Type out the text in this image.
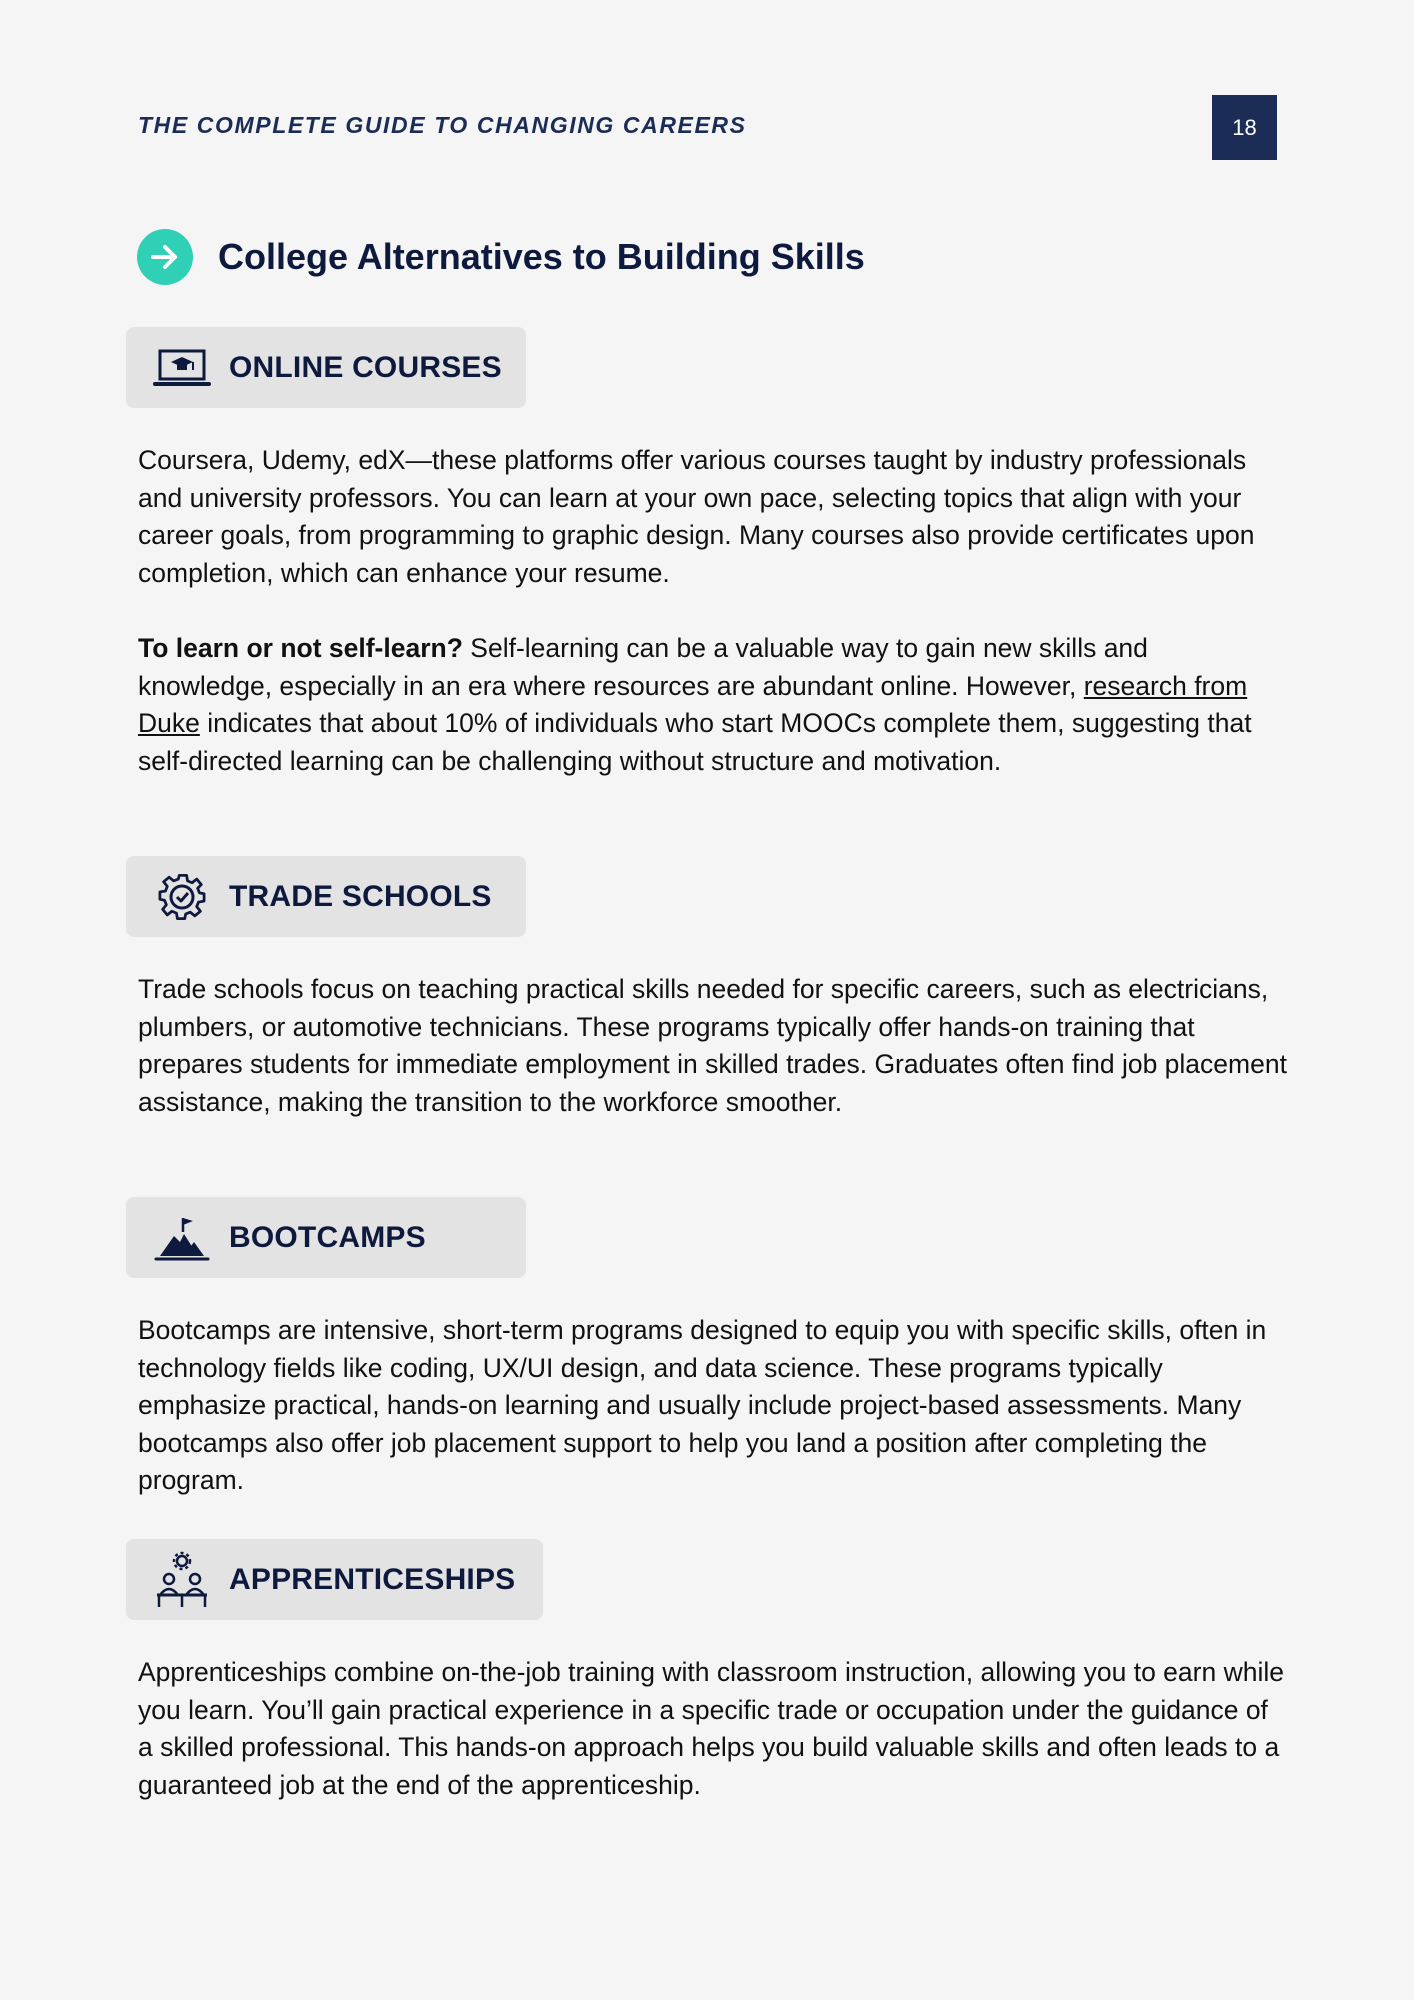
THE COMPLETE GUIDE TO CHANGING CAREERS	18
College Alternatives to Building Skills
ONLINE COURSES

Coursera, Udemy, edX—these platforms offer various courses taught by industry professionals and university professors. You can learn at your own pace, selecting topics that align with your career goals, from programming to graphic design. Many courses also provide certificates upon completion, which can enhance your resume.

To learn or not self-learn? Self-learning can be a valuable way to gain new skills and knowledge, especially in an era where resources are abundant online. However, research from Duke indicates that about 10% of individuals who start MOOCs complete them, suggesting that self-directed learning can be challenging without structure and motivation.

TRADE SCHOOLS

Trade schools focus on teaching practical skills needed for specific careers, such as electricians, plumbers, or automotive technicians. These programs typically offer hands-on training that prepares students for immediate employment in skilled trades. Graduates often find job placement assistance, making the transition to the workforce smoother.

BOOTCAMPS

Bootcamps are intensive, short-term programs designed to equip you with specific skills, often in technology fields like coding, UX/UI design, and data science. These programs typically emphasize practical, hands-on learning and usually include project-based assessments. Many bootcamps also offer job placement support to help you land a position after completing the program.

APPRENTICESHIPS

Apprenticeships combine on-the-job training with classroom instruction, allowing you to earn while you learn. You’ll gain practical experience in a specific trade or occupation under the guidance of a skilled professional. This hands-on approach helps you build valuable skills and often leads to a guaranteed job at the end of the apprenticeship.
